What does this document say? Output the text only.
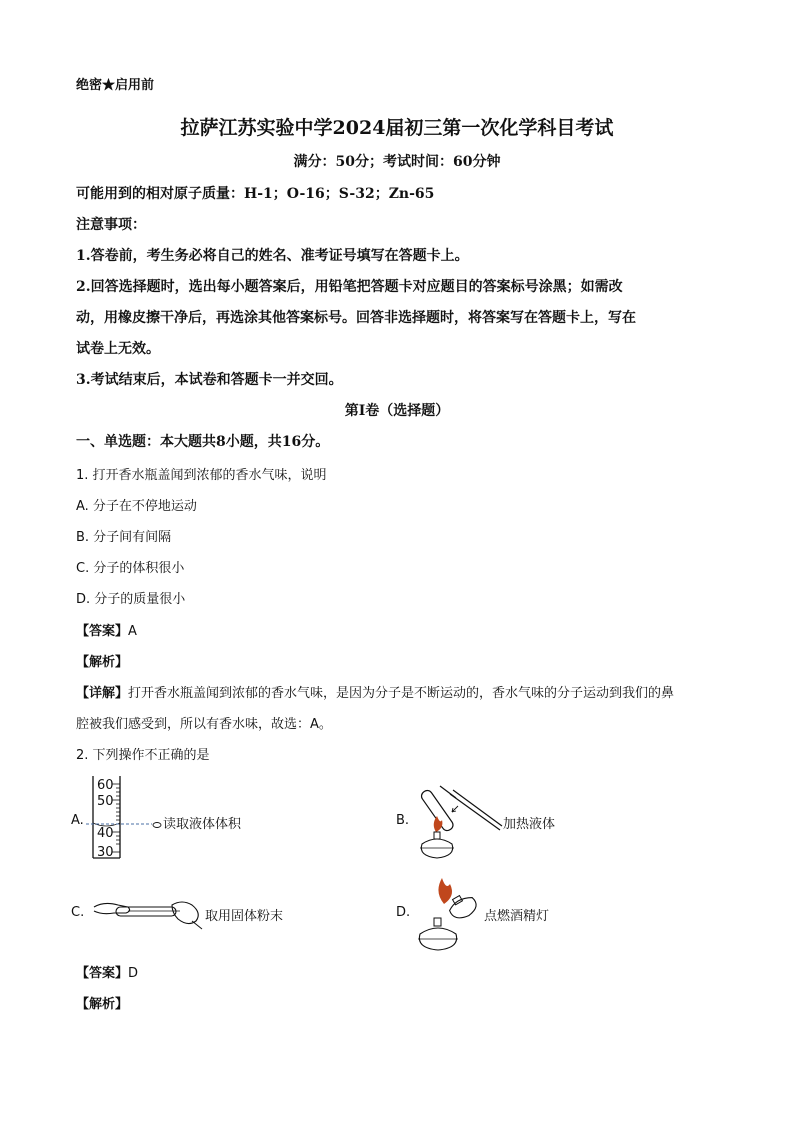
绝密★启用前
拉萨江苏实验中学2024届初三第一次化学科目考试
满分：50分；考试时间：60分钟
可能用到的相对原子质量：H-1；O-16；S-32；Zn-65
注意事项：
1.答卷前，考生务必将自己的姓名、准考证号填写在答题卡上。
2.回答选择题时，选出每小题答案后，用铅笔把答题卡对应题目的答案标号涂黑；如需改
动，用橡皮擦干净后，再选涂其他答案标号。回答非选择题时，将答案写在答题卡上，写在
试卷上无效。
3.考试结束后，本试卷和答题卡一并交回。
第I卷（选择题）
一、单选题：本大题共8小题，共16分。
1. 打开香水瓶盖闻到浓郁的香水气味，说明
A. 分子在不停地运动
B. 分子间有间隔
C. 分子的体积很小
D. 分子的质量很小
【答案】A
【解析】
【详解】打开香水瓶盖闻到浓郁的香水气味，是因为分子是不断运动的，香水气味的分子运动到我们的鼻
腔被我们感受到，所以有香水味，故选：A。
2. 下列操作不正确的是
A.
60
50
40
30
读取液体体积	B.	加热液体
C.	取用固体粉末	D.	点燃酒精灯
【答案】D
【解析】
